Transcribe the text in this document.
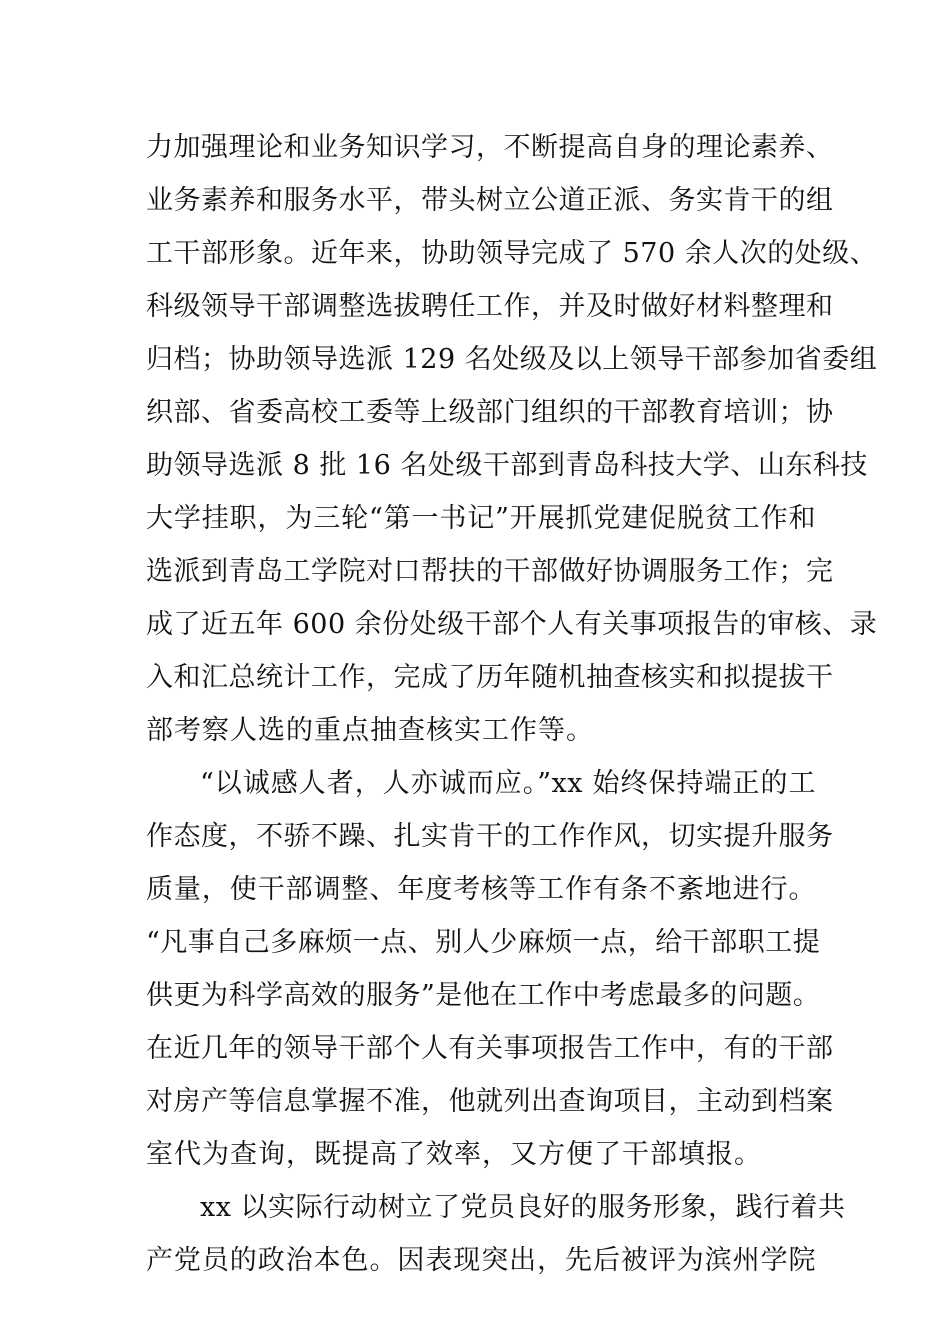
力加强理论和业务知识学习，不断提高自身的理论素养、
业务素养和服务水平，带头树立公道正派、务实肯干的组
工干部形象。近年来，协助领导完成了 570 余人次的处级、
科级领导干部调整选拔聘任工作，并及时做好材料整理和
归档；协助领导选派 129 名处级及以上领导干部参加省委组
织部、省委高校工委等上级部门组织的干部教育培训；协
助领导选派 8 批 16 名处级干部到青岛科技大学、山东科技
大学挂职，为三轮“第一书记”开展抓党建促脱贫工作和
选派到青岛工学院对口帮扶的干部做好协调服务工作；完
成了近五年 600 余份处级干部个人有关事项报告的审核、录
入和汇总统计工作，完成了历年随机抽查核实和拟提拔干
部考察人选的重点抽查核实工作等。
“以诚感人者，人亦诚而应。”xx 始终保持端正的工
作态度，不骄不躁、扎实肯干的工作作风，切实提升服务
质量，使干部调整、年度考核等工作有条不紊地进行。
“凡事自己多麻烦一点、别人少麻烦一点，给干部职工提
供更为科学高效的服务”是他在工作中考虑最多的问题。
在近几年的领导干部个人有关事项报告工作中，有的干部
对房产等信息掌握不准，他就列出查询项目，主动到档案
室代为查询，既提高了效率，又方便了干部填报。
xx 以实际行动树立了党员良好的服务形象，践行着共
产党员的政治本色。因表现突出，先后被评为滨州学院
